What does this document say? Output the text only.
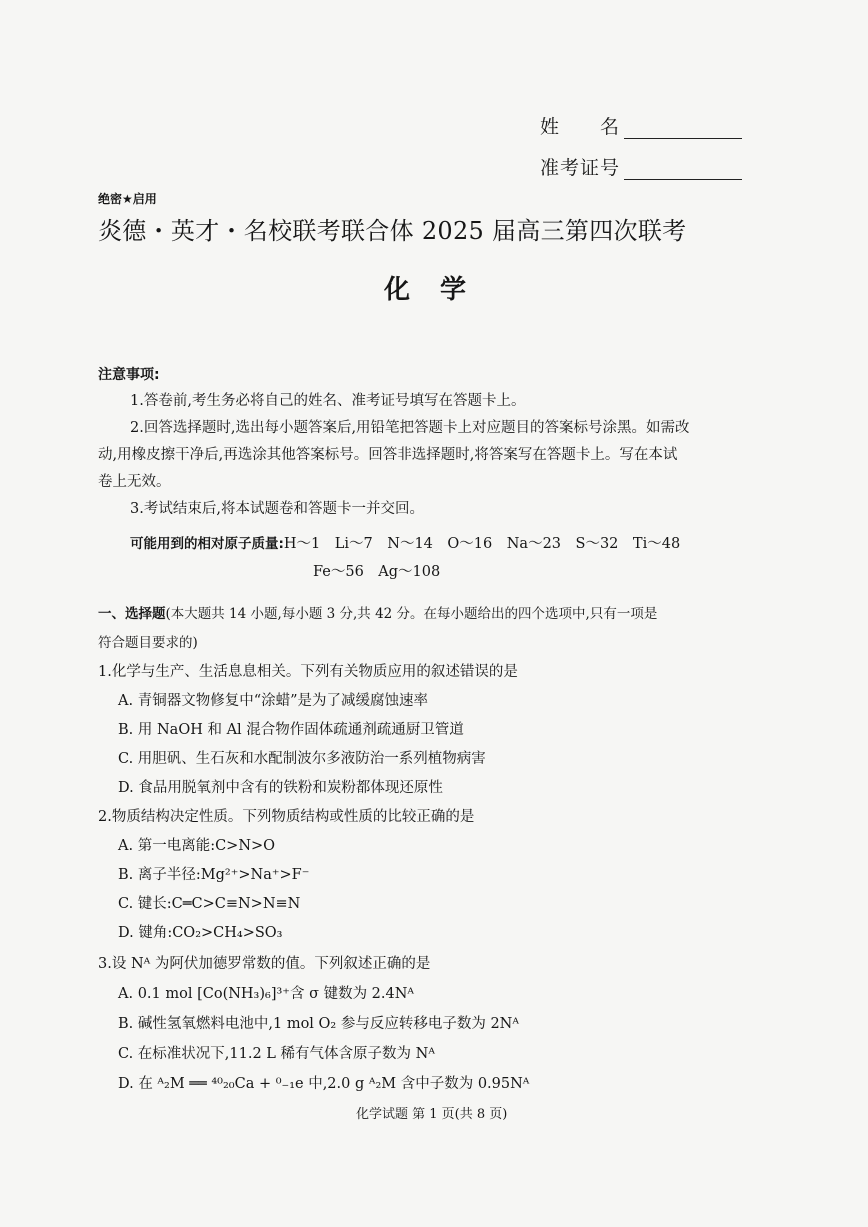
姓　　名
准考证号
绝密★启用
炎德・英才・名校联考联合体 2025 届高三第四次联考
化学
注意事项:
1.答卷前,考生务必将自己的姓名、准考证号填写在答题卡上。
2.回答选择题时,选出每小题答案后,用铅笔把答题卡上对应题目的答案标号涂黑。如需改
动,用橡皮擦干净后,再选涂其他答案标号。回答非选择题时,将答案写在答题卡上。写在本试
卷上无效。
3.考试结束后,将本试题卷和答题卡一并交回。
可能用到的相对原子质量:H～1　Li～7　N～14　O～16　Na～23　S～32　Ti～48
Fe～56　Ag～108
一、选择题(本大题共 14 小题,每小题 3 分,共 42 分。在每小题给出的四个选项中,只有一项是
符合题目要求的)
1.化学与生产、生活息息相关。下列有关物质应用的叙述错误的是
A. 青铜器文物修复中“涂蜡”是为了减缓腐蚀速率
B. 用 NaOH 和 Al 混合物作固体疏通剂疏通厨卫管道
C. 用胆矾、生石灰和水配制波尔多液防治一系列植物病害
D. 食品用脱氧剂中含有的铁粉和炭粉都体现还原性
2.物质结构决定性质。下列物质结构或性质的比较正确的是
A. 第一电离能:C>N>O
B. 离子半径:Mg²⁺>Na⁺>F⁻
C. 键长:C═C>C≡N>N≡N
D. 键角:CO₂>CH₄>SO₃
3.设 Nᴬ 为阿伏加德罗常数的值。下列叙述正确的是
A. 0.1 mol [Co(NH₃)₆]³⁺含 σ 键数为 2.4Nᴬ
B. 碱性氢氧燃料电池中,1 mol O₂ 参与反应转移电子数为 2Nᴬ
C. 在标准状况下,11.2 L 稀有气体含原子数为 Nᴬ
D. 在 ᴬ₂M ══ ⁴⁰₂₀Ca + ⁰₋₁e 中,2.0 g ᴬ₂M 含中子数为 0.95Nᴬ
化学试题 第 1 页(共 8 页)
